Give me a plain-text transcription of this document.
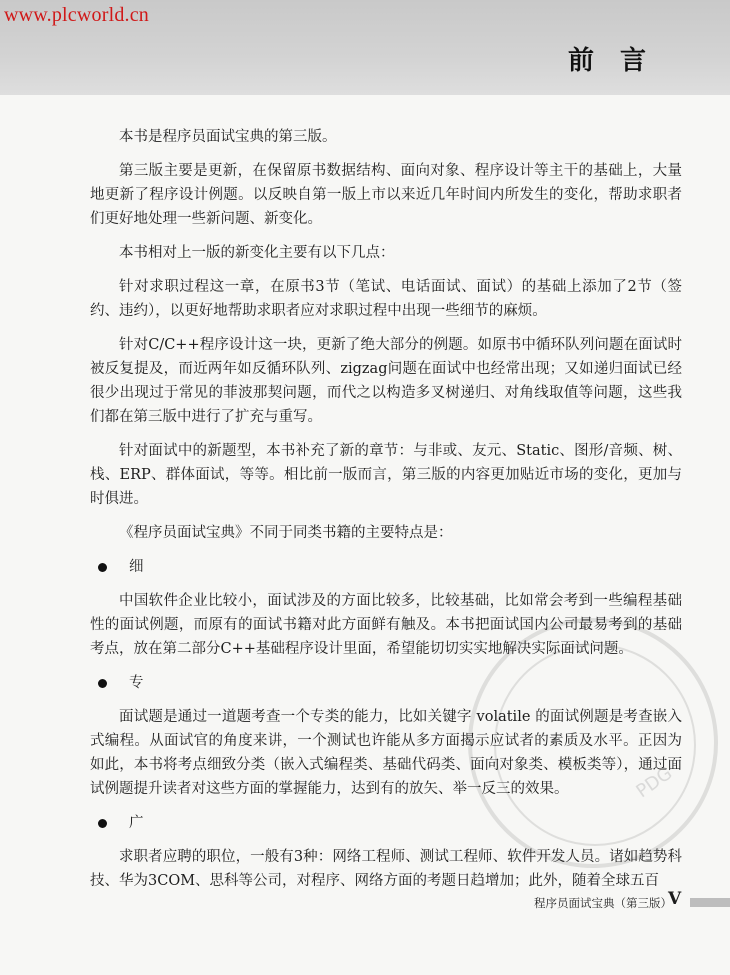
www.plcworld.cn
前言
PDG

本书是程序员面试宝典的第三版。

第三版主要是更新，在保留原书数据结构、面向对象、程序设计等主干的基础上，大量地更新了程序设计例题。以反映自第一版上市以来近几年时间内所发生的变化，帮助求职者们更好地处理一些新问题、新变化。

本书相对上一版的新变化主要有以下几点：

针对求职过程这一章，在原书3节（笔试、电话面试、面试）的基础上添加了2节（签约、违约），以更好地帮助求职者应对求职过程中出现一些细节的麻烦。

针对C/C++程序设计这一块，更新了绝大部分的例题。如原书中循环队列问题在面试时被反复提及，而近两年如反循环队列、zigzag问题在面试中也经常出现；又如递归面试已经很少出现过于常见的菲波那契问题，而代之以构造多叉树递归、对角线取值等问题，这些我们都在第三版中进行了扩充与重写。

针对面试中的新题型，本书补充了新的章节：与非或、友元、Static、图形/音频、树、栈、ERP、群体面试，等等。相比前一版而言，第三版的内容更加贴近市场的变化，更加与时俱进。

《程序员面试宝典》不同于同类书籍的主要特点是：

细

中国软件企业比较小，面试涉及的方面比较多，比较基础，比如常会考到一些编程基础性的面试例题，而原有的面试书籍对此方面鲜有触及。本书把面试国内公司最易考到的基础考点，放在第二部分C++基础程序设计里面，希望能切切实实地解决实际面试问题。

专

面试题是通过一道题考查一个专类的能力，比如关键字 volatile 的面试例题是考查嵌入式编程。从面试官的角度来讲，一个测试也许能从多方面揭示应试者的素质及水平。正因为如此，本书将考点细致分类（嵌入式编程类、基础代码类、面向对象类、模板类等），通过面试例题提升读者对这些方面的掌握能力，达到有的放矢、举一反三的效果。

广

求职者应聘的职位，一般有3种：网络工程师、测试工程师、软件开发人员。诸如趋势科技、华为3COM、思科等公司，对程序、网络方面的考题日趋增加；此外，随着全球五百

程序员面试宝典（第三版）
V
